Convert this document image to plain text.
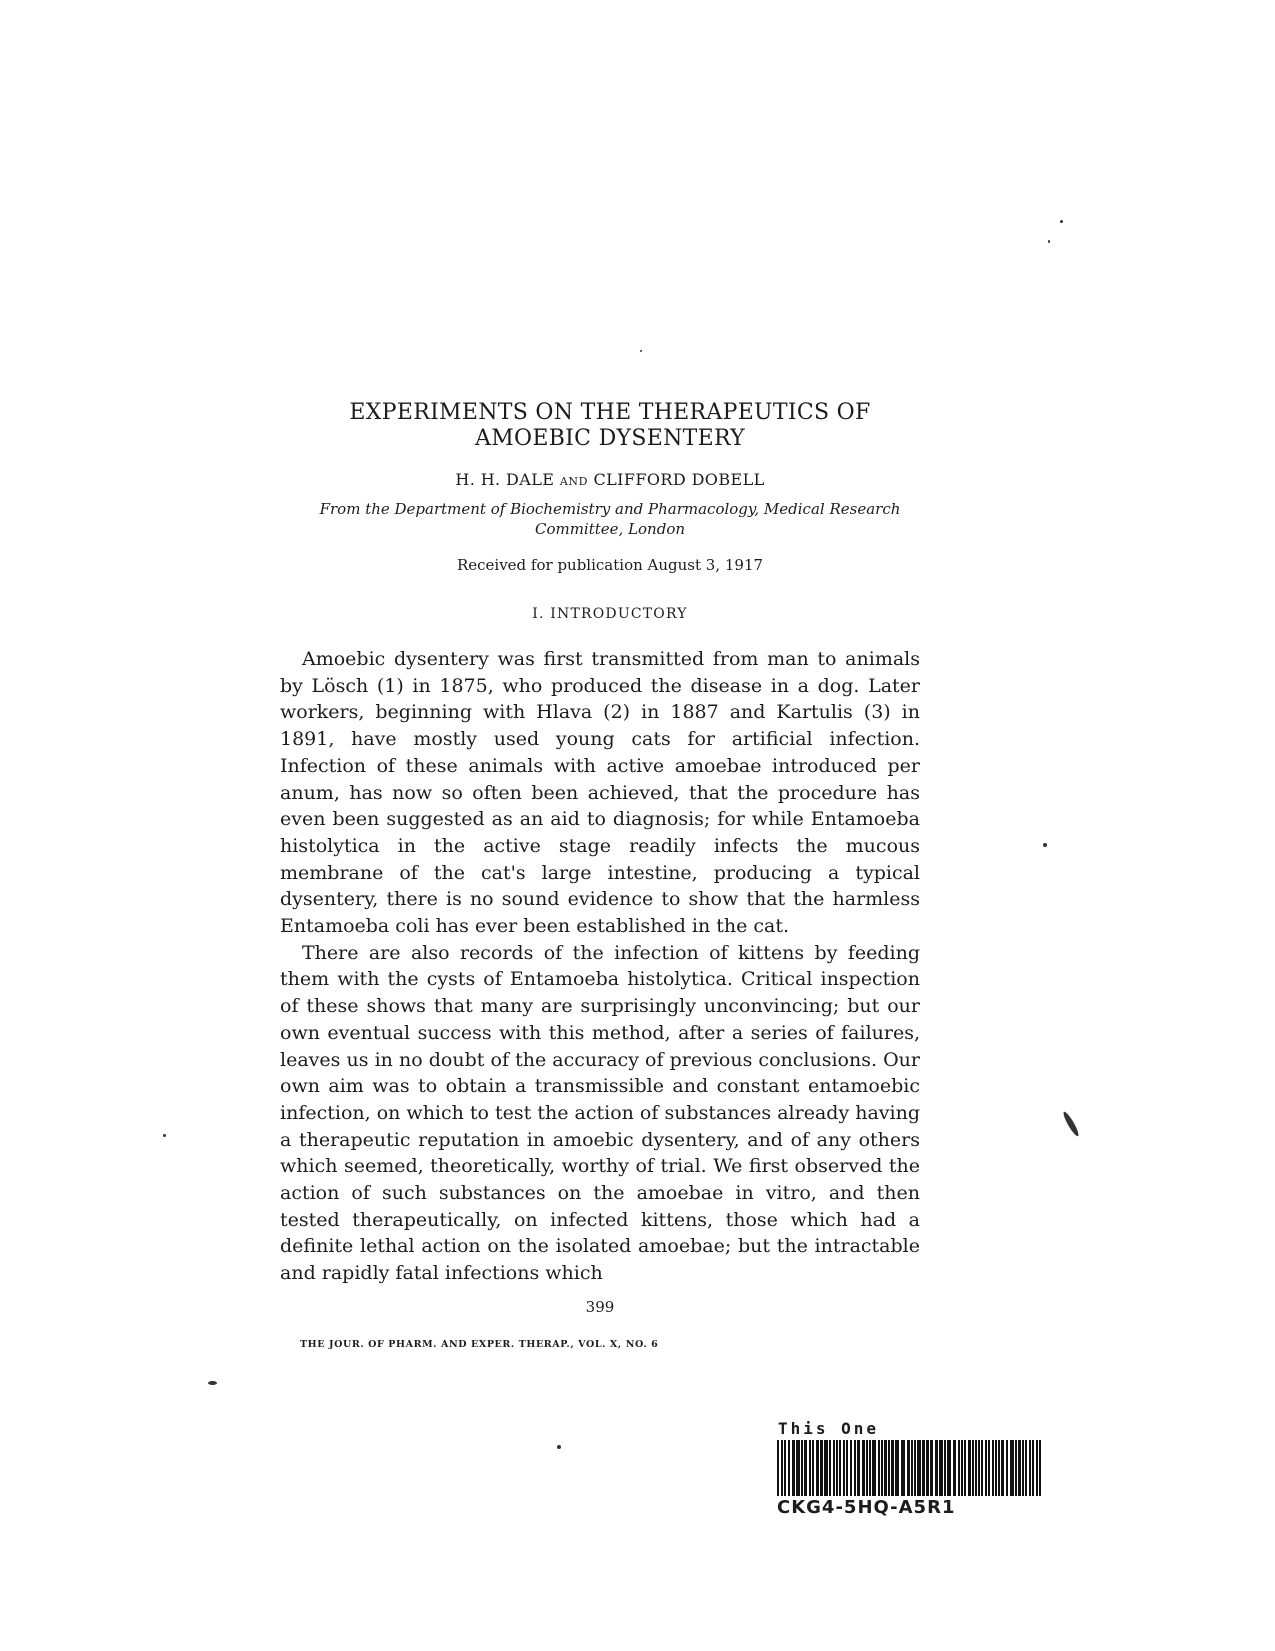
EXPERIMENTS ON THE THERAPEUTICS OF
AMOEBIC DYSENTERY
H. H. DALE AND CLIFFORD DOBELL
From the Department of Biochemistry and Pharmacology, Medical Research
Committee, London
Received for publication August 3, 1917
I. INTRODUCTORY

Amoebic dysentery was first transmitted from man to animals by Lösch (1) in 1875, who produced the disease in a dog. Later workers, beginning with Hlava (2) in 1887 and Kartulis (3) in 1891, have mostly used young cats for artificial infection. Infection of these animals with active amoebae introduced per anum, has now so often been achieved, that the procedure has even been suggested as an aid to diagnosis; for while Entamoeba histolytica in the active stage readily infects the mucous membrane of the cat's large intestine, producing a typical dysentery, there is no sound evidence to show that the harmless Entamoeba coli has ever been established in the cat.

There are also records of the infection of kittens by feeding them with the cysts of Entamoeba histolytica. Critical inspection of these shows that many are surprisingly unconvincing; but our own eventual success with this method, after a series of failures, leaves us in no doubt of the accuracy of previous conclusions. Our own aim was to obtain a transmissible and constant entamoebic infection, on which to test the action of substances already having a therapeutic reputation in amoebic dysentery, and of any others which seemed, theoretically, worthy of trial. We first observed the action of such substances on the amoebae in vitro, and then tested therapeutically, on infected kittens, those which had a definite lethal action on the isolated amoebae; but the intractable and rapidly fatal infections which

399
THE JOUR. OF PHARM. AND EXPER. THERAP., VOL. X, NO. 6
This One
CKG4-5HQ-A5R1
